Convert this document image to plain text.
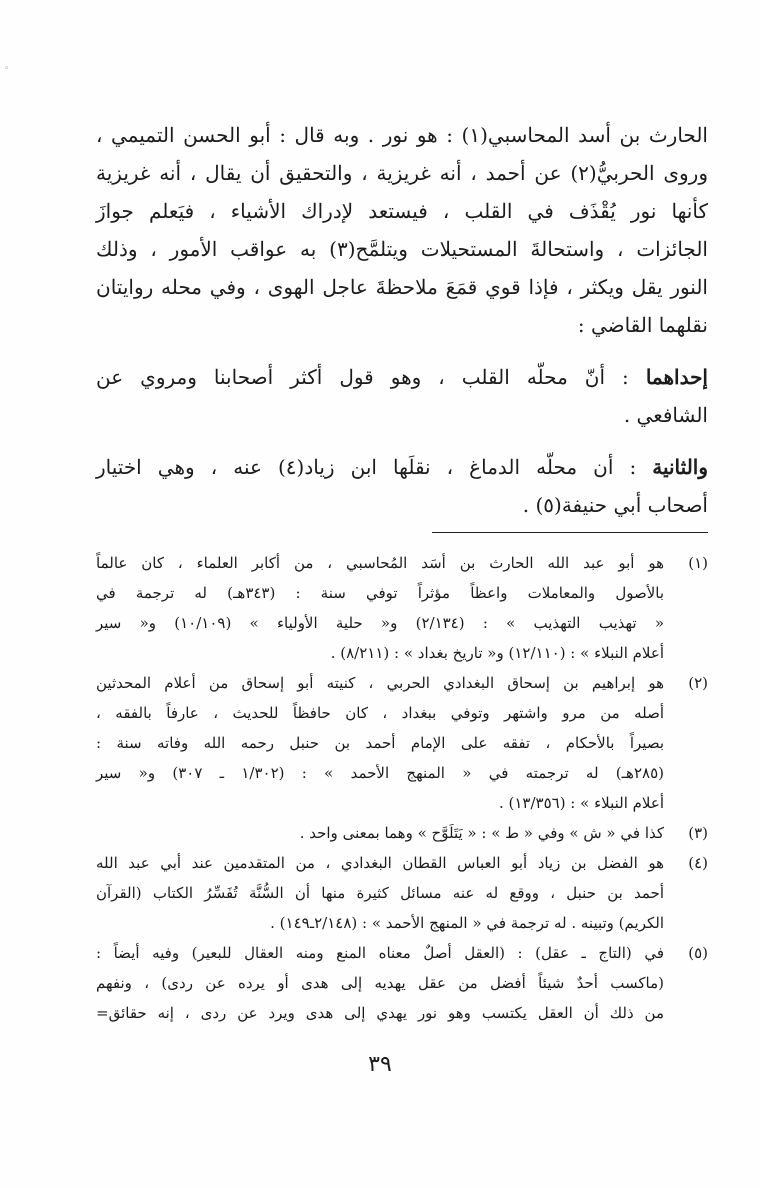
◦
الحارث بن أسد المحاسبي(١) : هو نور . وبه قال : أبو الحسن التميمي ،
وروى الحربيُّ(٢) عن أحمد ، أنه غريزية ، والتحقيق أن يقال ، أنه غريزية
كأنها نور يُقْذَف في القلب ، فيستعد لإدراك الأشياء ، فيَعلم جوازَ
الجائزات ، واستحالةَ المستحيلات ويتلمَّح(٣) به عواقب الأمور ، وذلك
النور يقل ويكثر ، فإذا قوي قمَعَ ملاحظةَ عاجل الهوى ، وفي محله روايتان
نقلهما القاضي :
إحداهما : أنّ محلّه القلب ، وهو قول أكثر أصحابنا ومروي عن
الشافعي .
والثانية : أن محلّه الدماغ ، نقلَها ابن زياد(٤) عنه ، وهي اختيار
أصحاب أبي حنيفة(٥) .
(١)
هو أبو عبد الله الحارث بن أسَد المُحاسبي ، من أكابر العلماء ، كان عالماً
بالأصول والمعاملات واعظاً مؤثراً توفي سنة : (٣٤٣هـ) له ترجمة في
« تهذيب التهذيب » : (٢/١٣٤) و« حلية الأولياء » (١٠/١٠٩) و« سير
أعلام النبلاء » : (١٢/١١٠) و« تاريخ بغداد » : (٨/٢١١) .
(٢)
هو إبراهيم بن إسحاق البغدادي الحربي ، كنيته أبو إسحاق من أعلام المحدثين
أصله من مرو واشتهر وتوفي ببغداد ، كان حافظاً للحديث ، عارفاً بالفقه ،
بصيراً بالأحكام ، تفقه على الإمام أحمد بن حنبل رحمه الله وفاته سنة :
(٢٨٥هـ) له ترجمته في « المنهج الأحمد » : (١/٣٠٢ ـ ٣٠٧) و« سير
أعلام النبلاء » : (١٣/٣٥٦) .
(٣)
كذا في « ش » وفي « ط » : « يَتَلَوَّح » وهما بمعنى واحد .
(٤)
هو الفضل بن زياد أبو العباس القطان البغدادي ، من المتقدمين عند أبي عبد الله
أحمد بن حنبل ، ووقع له عنه مسائل كثيرة منها أن السُّنَّة تُفَسِّرُ الكتاب (القرآن
الكريم) وتبينه . له ترجمة في « المنهج الأحمد » : (٢/١٤٨ـ١٤٩) .
(٥)
في (التاج ـ عقل) : (العقل أصلٌ معناه المنع ومنه العقال للبعير) وفيه أيضاً :
(ماكسب أحدٌ شيئاً أفضل من عقل يهديه إلى هدى أو يرده عن ردى) ، ونفهم
من ذلك أن العقل يكتسب وهو نور يهدي إلى هدى ويرد عن ردى ، إنه حقائق=
٣٩
